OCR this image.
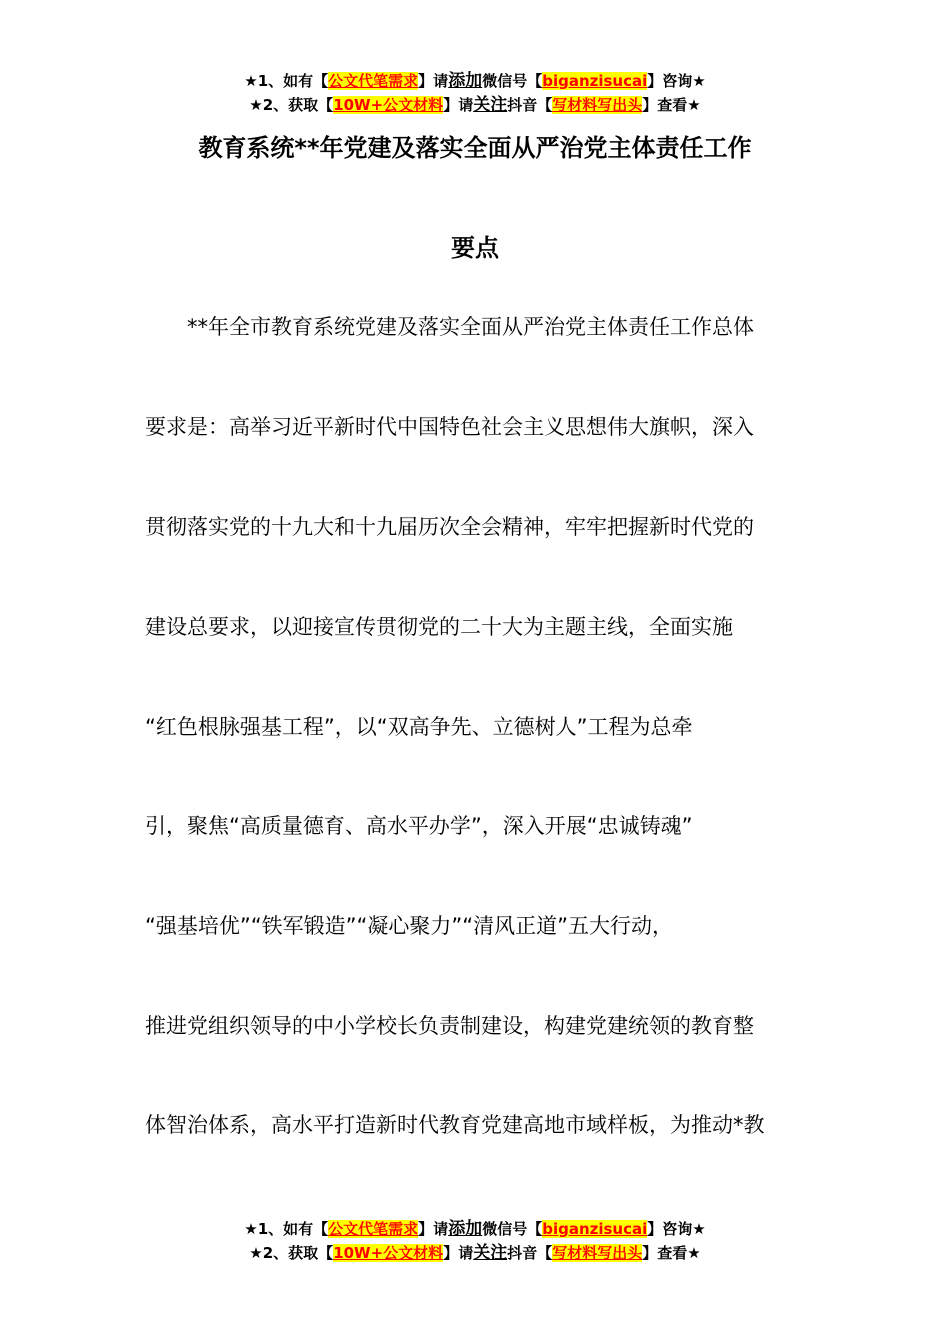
★1、如有【公文代笔需求】请添加微信号【biganzisucai】咨询★
★2、获取【10W+公文材料】请关注抖音【写材料写出头】查看★
教育系统**年党建及落实全面从严治党主体责任工作
要点
**年全市教育系统党建及落实全面从严治党主体责任工作总体
要求是：高举习近平新时代中国特色社会主义思想伟大旗帜，深入
贯彻落实党的十九大和十九届历次全会精神，牢牢把握新时代党的
建设总要求，以迎接宣传贯彻党的二十大为主题主线，全面实施
“红色根脉强基工程”，以“双高争先、立德树人”工程为总牵
引，聚焦“高质量德育、高水平办学”，深入开展“忠诚铸魂”
“强基培优”“铁军锻造”“凝心聚力”“清风正道”五大行动，
推进党组织领导的中小学校长负责制建设，构建党建统领的教育整
体智治体系，高水平打造新时代教育党建高地市域样板，为推动*教
★1、如有【公文代笔需求】请添加微信号【biganzisucai】咨询★
★2、获取【10W+公文材料】请关注抖音【写材料写出头】查看★
